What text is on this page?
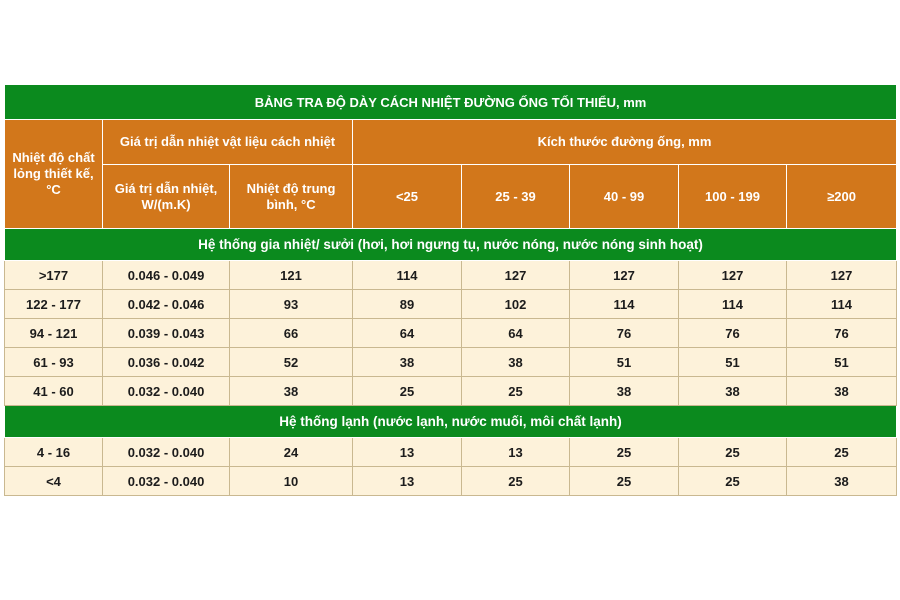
BẢNG TRA ĐỘ DÀY CÁCH NHIỆT ĐƯỜNG ỐNG TỐI THIỂU, mm							
Nhiệt độ chất lỏng thiết kế, °C	Giá trị dẫn nhiệt vật liệu cách nhiệt		Kích thước đường ống, mm				
	Giá trị dẫn nhiệt, W/(m.K)	Nhiệt độ trung bình, °C	<25	25 - 39	40 - 99	100 - 199	≥200
Hệ thống gia nhiệt/ sưởi (hơi, hơi ngưng tụ, nước nóng, nước nóng sinh hoạt)							
>177	0.046 - 0.049	121	114	127	127	127	127
122 - 177	0.042 - 0.046	93	89	102	114	114	114
94 - 121	0.039 - 0.043	66	64	64	76	76	76
61 - 93	0.036 - 0.042	52	38	38	51	51	51
41 - 60	0.032 - 0.040	38	25	25	38	38	38
Hệ thống lạnh (nước lạnh, nước muối, môi chất lạnh)							
4 - 16	0.032 - 0.040	24	13	13	25	25	25
<4	0.032 - 0.040	10	13	25	25	25	38
